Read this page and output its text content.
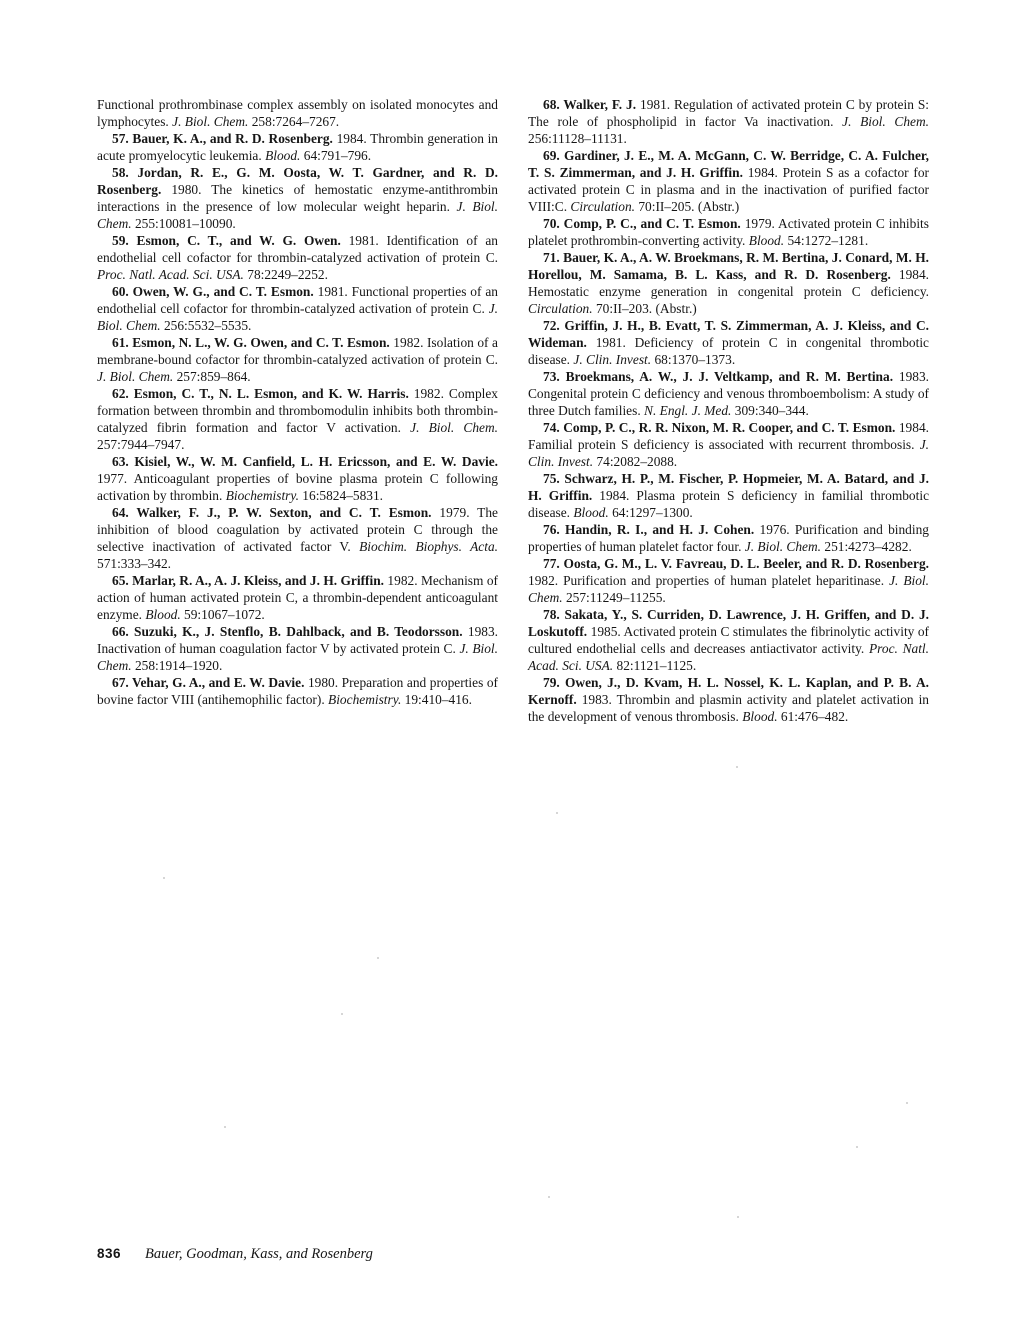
Functional prothrombinase complex assembly on isolated monocytes and lymphocytes. J. Biol. Chem. 258:7264–7267.

57. Bauer, K. A., and R. D. Rosenberg. 1984. Thrombin generation in acute promyelocytic leukemia. Blood. 64:791–796.

58. Jordan, R. E., G. M. Oosta, W. T. Gardner, and R. D. Rosenberg. 1980. The kinetics of hemostatic enzyme-antithrombin interactions in the presence of low molecular weight heparin. J. Biol. Chem. 255:10081–10090.

59. Esmon, C. T., and W. G. Owen. 1981. Identification of an endothelial cell cofactor for thrombin-catalyzed activation of protein C. Proc. Natl. Acad. Sci. USA. 78:2249–2252.

60. Owen, W. G., and C. T. Esmon. 1981. Functional properties of an endothelial cell cofactor for thrombin-catalyzed activation of protein C. J. Biol. Chem. 256:5532–5535.

61. Esmon, N. L., W. G. Owen, and C. T. Esmon. 1982. Isolation of a membrane-bound cofactor for thrombin-catalyzed activation of protein C. J. Biol. Chem. 257:859–864.

62. Esmon, C. T., N. L. Esmon, and K. W. Harris. 1982. Complex formation between thrombin and thrombomodulin inhibits both thrombin-catalyzed fibrin formation and factor V activation. J. Biol. Chem. 257:7944–7947.

63. Kisiel, W., W. M. Canfield, L. H. Ericsson, and E. W. Davie. 1977. Anticoagulant properties of bovine plasma protein C following activation by thrombin. Biochemistry. 16:5824–5831.

64. Walker, F. J., P. W. Sexton, and C. T. Esmon. 1979. The inhibition of blood coagulation by activated protein C through the selective inactivation of activated factor V. Biochim. Biophys. Acta. 571:333–342.

65. Marlar, R. A., A. J. Kleiss, and J. H. Griffin. 1982. Mechanism of action of human activated protein C, a thrombin-dependent anticoagulant enzyme. Blood. 59:1067–1072.

66. Suzuki, K., J. Stenflo, B. Dahlback, and B. Teodorsson. 1983. Inactivation of human coagulation factor V by activated protein C. J. Biol. Chem. 258:1914–1920.

67. Vehar, G. A., and E. W. Davie. 1980. Preparation and properties of bovine factor VIII (antihemophilic factor). Biochemistry. 19:410–416.

68. Walker, F. J. 1981. Regulation of activated protein C by protein S: The role of phospholipid in factor Va inactivation. J. Biol. Chem. 256:11128–11131.

69. Gardiner, J. E., M. A. McGann, C. W. Berridge, C. A. Fulcher, T. S. Zimmerman, and J. H. Griffin. 1984. Protein S as a cofactor for activated protein C in plasma and in the inactivation of purified factor VIII:C. Circulation. 70:II–205. (Abstr.)

70. Comp, P. C., and C. T. Esmon. 1979. Activated protein C inhibits platelet prothrombin-converting activity. Blood. 54:1272–1281.

71. Bauer, K. A., A. W. Broekmans, R. M. Bertina, J. Conard, M. H. Horellou, M. Samama, B. L. Kass, and R. D. Rosenberg. 1984. Hemostatic enzyme generation in congenital protein C deficiency. Circulation. 70:II–203. (Abstr.)

72. Griffin, J. H., B. Evatt, T. S. Zimmerman, A. J. Kleiss, and C. Wideman. 1981. Deficiency of protein C in congenital thrombotic disease. J. Clin. Invest. 68:1370–1373.

73. Broekmans, A. W., J. J. Veltkamp, and R. M. Bertina. 1983. Congenital protein C deficiency and venous thromboembolism: A study of three Dutch families. N. Engl. J. Med. 309:340–344.

74. Comp, P. C., R. R. Nixon, M. R. Cooper, and C. T. Esmon. 1984. Familial protein S deficiency is associated with recurrent thrombosis. J. Clin. Invest. 74:2082–2088.

75. Schwarz, H. P., M. Fischer, P. Hopmeier, M. A. Batard, and J. H. Griffin. 1984. Plasma protein S deficiency in familial thrombotic disease. Blood. 64:1297–1300.

76. Handin, R. I., and H. J. Cohen. 1976. Purification and binding properties of human platelet factor four. J. Biol. Chem. 251:4273–4282.

77. Oosta, G. M., L. V. Favreau, D. L. Beeler, and R. D. Rosenberg. 1982. Purification and properties of human platelet heparitinase. J. Biol. Chem. 257:11249–11255.

78. Sakata, Y., S. Curriden, D. Lawrence, J. H. Griffen, and D. J. Loskutoff. 1985. Activated protein C stimulates the fibrinolytic activity of cultured endothelial cells and decreases antiactivator activity. Proc. Natl. Acad. Sci. USA. 82:1121–1125.

79. Owen, J., D. Kvam, H. L. Nossel, K. L. Kaplan, and P. B. A. Kernoff. 1983. Thrombin and plasmin activity and platelet activation in the development of venous thrombosis. Blood. 61:476–482.

836 Bauer, Goodman, Kass, and Rosenberg
